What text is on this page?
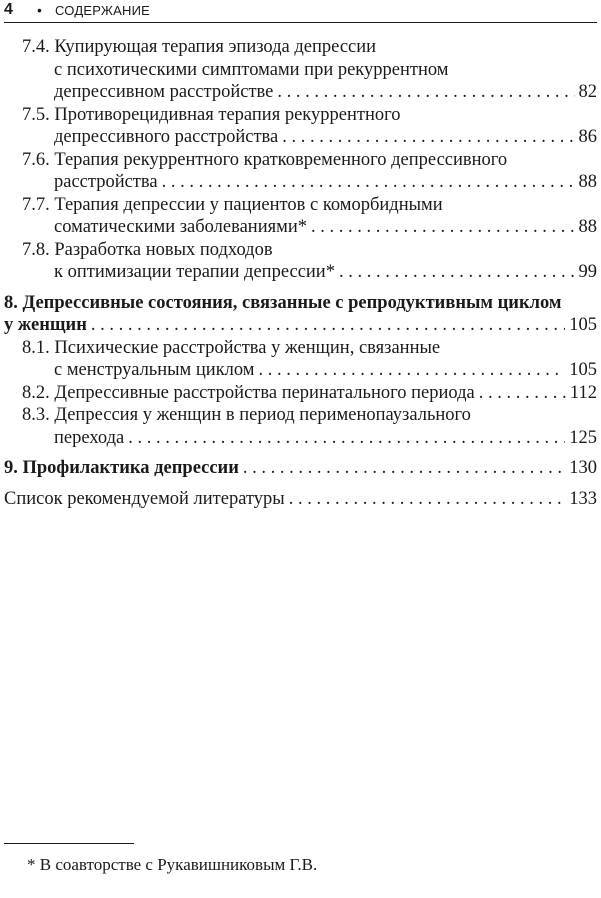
4 • СОДЕРЖАНИЕ
7.4. Купирующая терапия эпизода депрессии
с психотическими симптомами при рекуррентном
депрессивном расстройстве . . .	82
7.5. Противорецидивная терапия рекуррентного
депрессивного расстройства . . .	86
7.6. Терапия рекуррентного кратковременного депрессивного
расстройства . . .	88
7.7. Терапия депрессии у пациентов с коморбидными
соматическими заболеваниями* . . .	88
7.8. Разработка новых подходов
к оптимизации терапии депрессии* . . .	99
8. Депрессивные состояния, связанные с репродуктивным циклом
у женщин . . .	105
8.1. Психические расстройства у женщин, связанные
с менструальным циклом . . .	105
8.2. Депрессивные расстройства перинатального периода . . .	112
8.3. Депрессия у женщин в период перименопаузального
перехода . . .	125
9. Профилактика депрессии . . .	130
Список рекомендуемой литературы . . .	133
* В соавторстве с Рукавишниковым Г.В.
